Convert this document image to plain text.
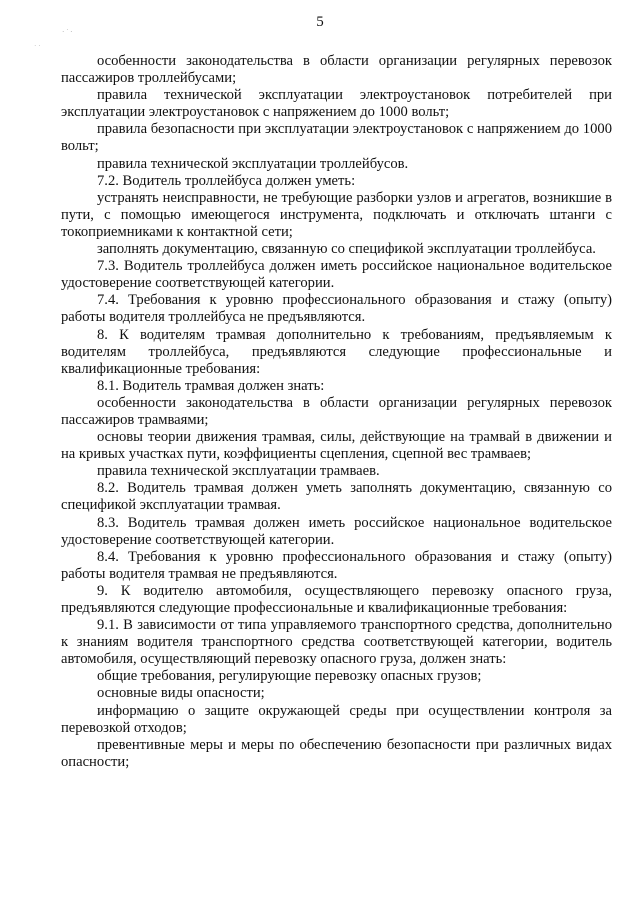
· ˙ ·
˙ ˙
5

особенности законодательства в области организации регулярных перевозок пассажиров троллейбусами;

правила технической эксплуатации электроустановок потребителей при эксплуатации электроустановок с напряжением до 1000 вольт;

правила безопасности при эксплуатации электроустановок с напряжением до 1000 вольт;

правила технической эксплуатации троллейбусов.

7.2. Водитель троллейбуса должен уметь:

устранять неисправности, не требующие разборки узлов и агрегатов, возникшие в пути, с помощью имеющегося инструмента, подключать и отключать штанги с токоприемниками к контактной сети;

заполнять документацию, связанную со спецификой эксплуатации троллейбуса.

7.3. Водитель троллейбуса должен иметь российское национальное водительское удостоверение соответствующей категории.

7.4. Требования к уровню профессионального образования и стажу (опыту) работы водителя троллейбуса не предъявляются.

8. К водителям трамвая дополнительно к требованиям, предъявляемым к водителям троллейбуса, предъявляются следующие профессиональные и квалификационные требования:

8.1. Водитель трамвая должен знать:

особенности законодательства в области организации регулярных перевозок пассажиров трамваями;

основы теории движения трамвая, силы, действующие на трамвай в движении и на кривых участках пути, коэффициенты сцепления, сцепной вес трамваев;

правила технической эксплуатации трамваев.

8.2. Водитель трамвая должен уметь заполнять документацию, связанную со спецификой эксплуатации трамвая.

8.3. Водитель трамвая должен иметь российское национальное водительское удостоверение соответствующей категории.

8.4. Требования к уровню профессионального образования и стажу (опыту) работы водителя трамвая не предъявляются.

9. К водителю автомобиля, осуществляющего перевозку опасного груза, предъявляются следующие профессиональные и квалификационные требования:

9.1. В зависимости от типа управляемого транспортного средства, дополнительно к знаниям водителя транспортного средства соответствующей категории, водитель автомобиля, осуществляющий перевозку опасного груза, должен знать:

общие требования, регулирующие перевозку опасных грузов;

основные виды опасности;

информацию о защите окружающей среды при осуществлении контроля за перевозкой отходов;

превентивные меры и меры по обеспечению безопасности при различных видах опасности;
